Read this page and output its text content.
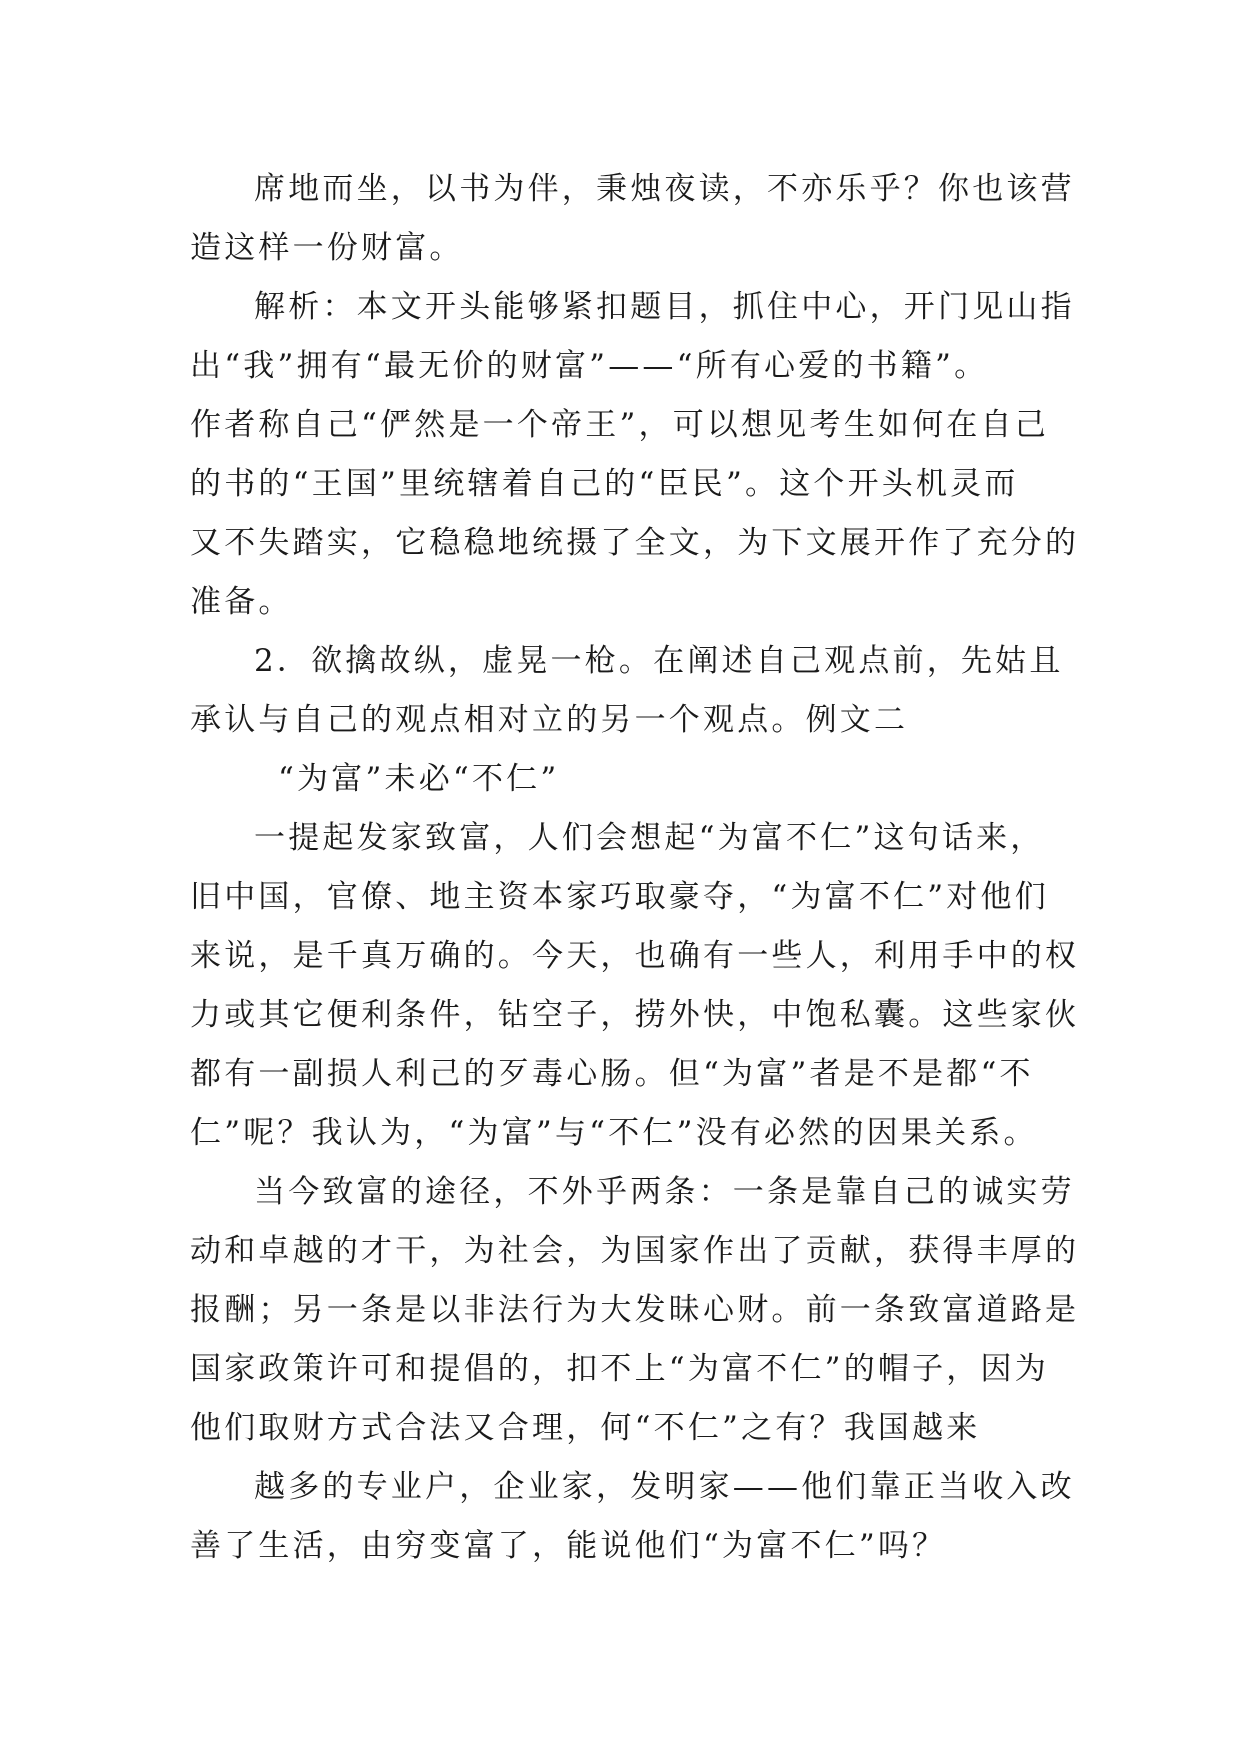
席地而坐，以书为伴，秉烛夜读，不亦乐乎？你也该营

造这样一份财富。

解析：本文开头能够紧扣题目，抓住中心，开门见山指

出“我”拥有“最无价的财富”——“所有心爱的书籍”。

作者称自己“俨然是一个帝王”，可以想见考生如何在自己

的书的“王国”里统辖着自己的“臣民”。这个开头机灵而

又不失踏实，它稳稳地统摄了全文，为下文展开作了充分的

准备。

2．欲擒故纵，虚晃一枪。在阐述自己观点前，先姑且

承认与自己的观点相对立的另一个观点。例文二

“为富”未必“不仁”

一提起发家致富，人们会想起“为富不仁”这句话来，

旧中国，官僚、地主资本家巧取豪夺，“为富不仁”对他们

来说，是千真万确的。今天，也确有一些人，利用手中的权

力或其它便利条件，钻空子，捞外快，中饱私囊。这些家伙

都有一副损人利己的歹毒心肠。但“为富”者是不是都“不

仁”呢？我认为，“为富”与“不仁”没有必然的因果关系。

当今致富的途径，不外乎两条：一条是靠自己的诚实劳

动和卓越的才干，为社会，为国家作出了贡献，获得丰厚的

报酬；另一条是以非法行为大发昧心财。前一条致富道路是

国家政策许可和提倡的，扣不上“为富不仁”的帽子，因为

他们取财方式合法又合理，何“不仁”之有？我国越来

越多的专业户，企业家，发明家——他们靠正当收入改

善了生活，由穷变富了，能说他们“为富不仁”吗？
